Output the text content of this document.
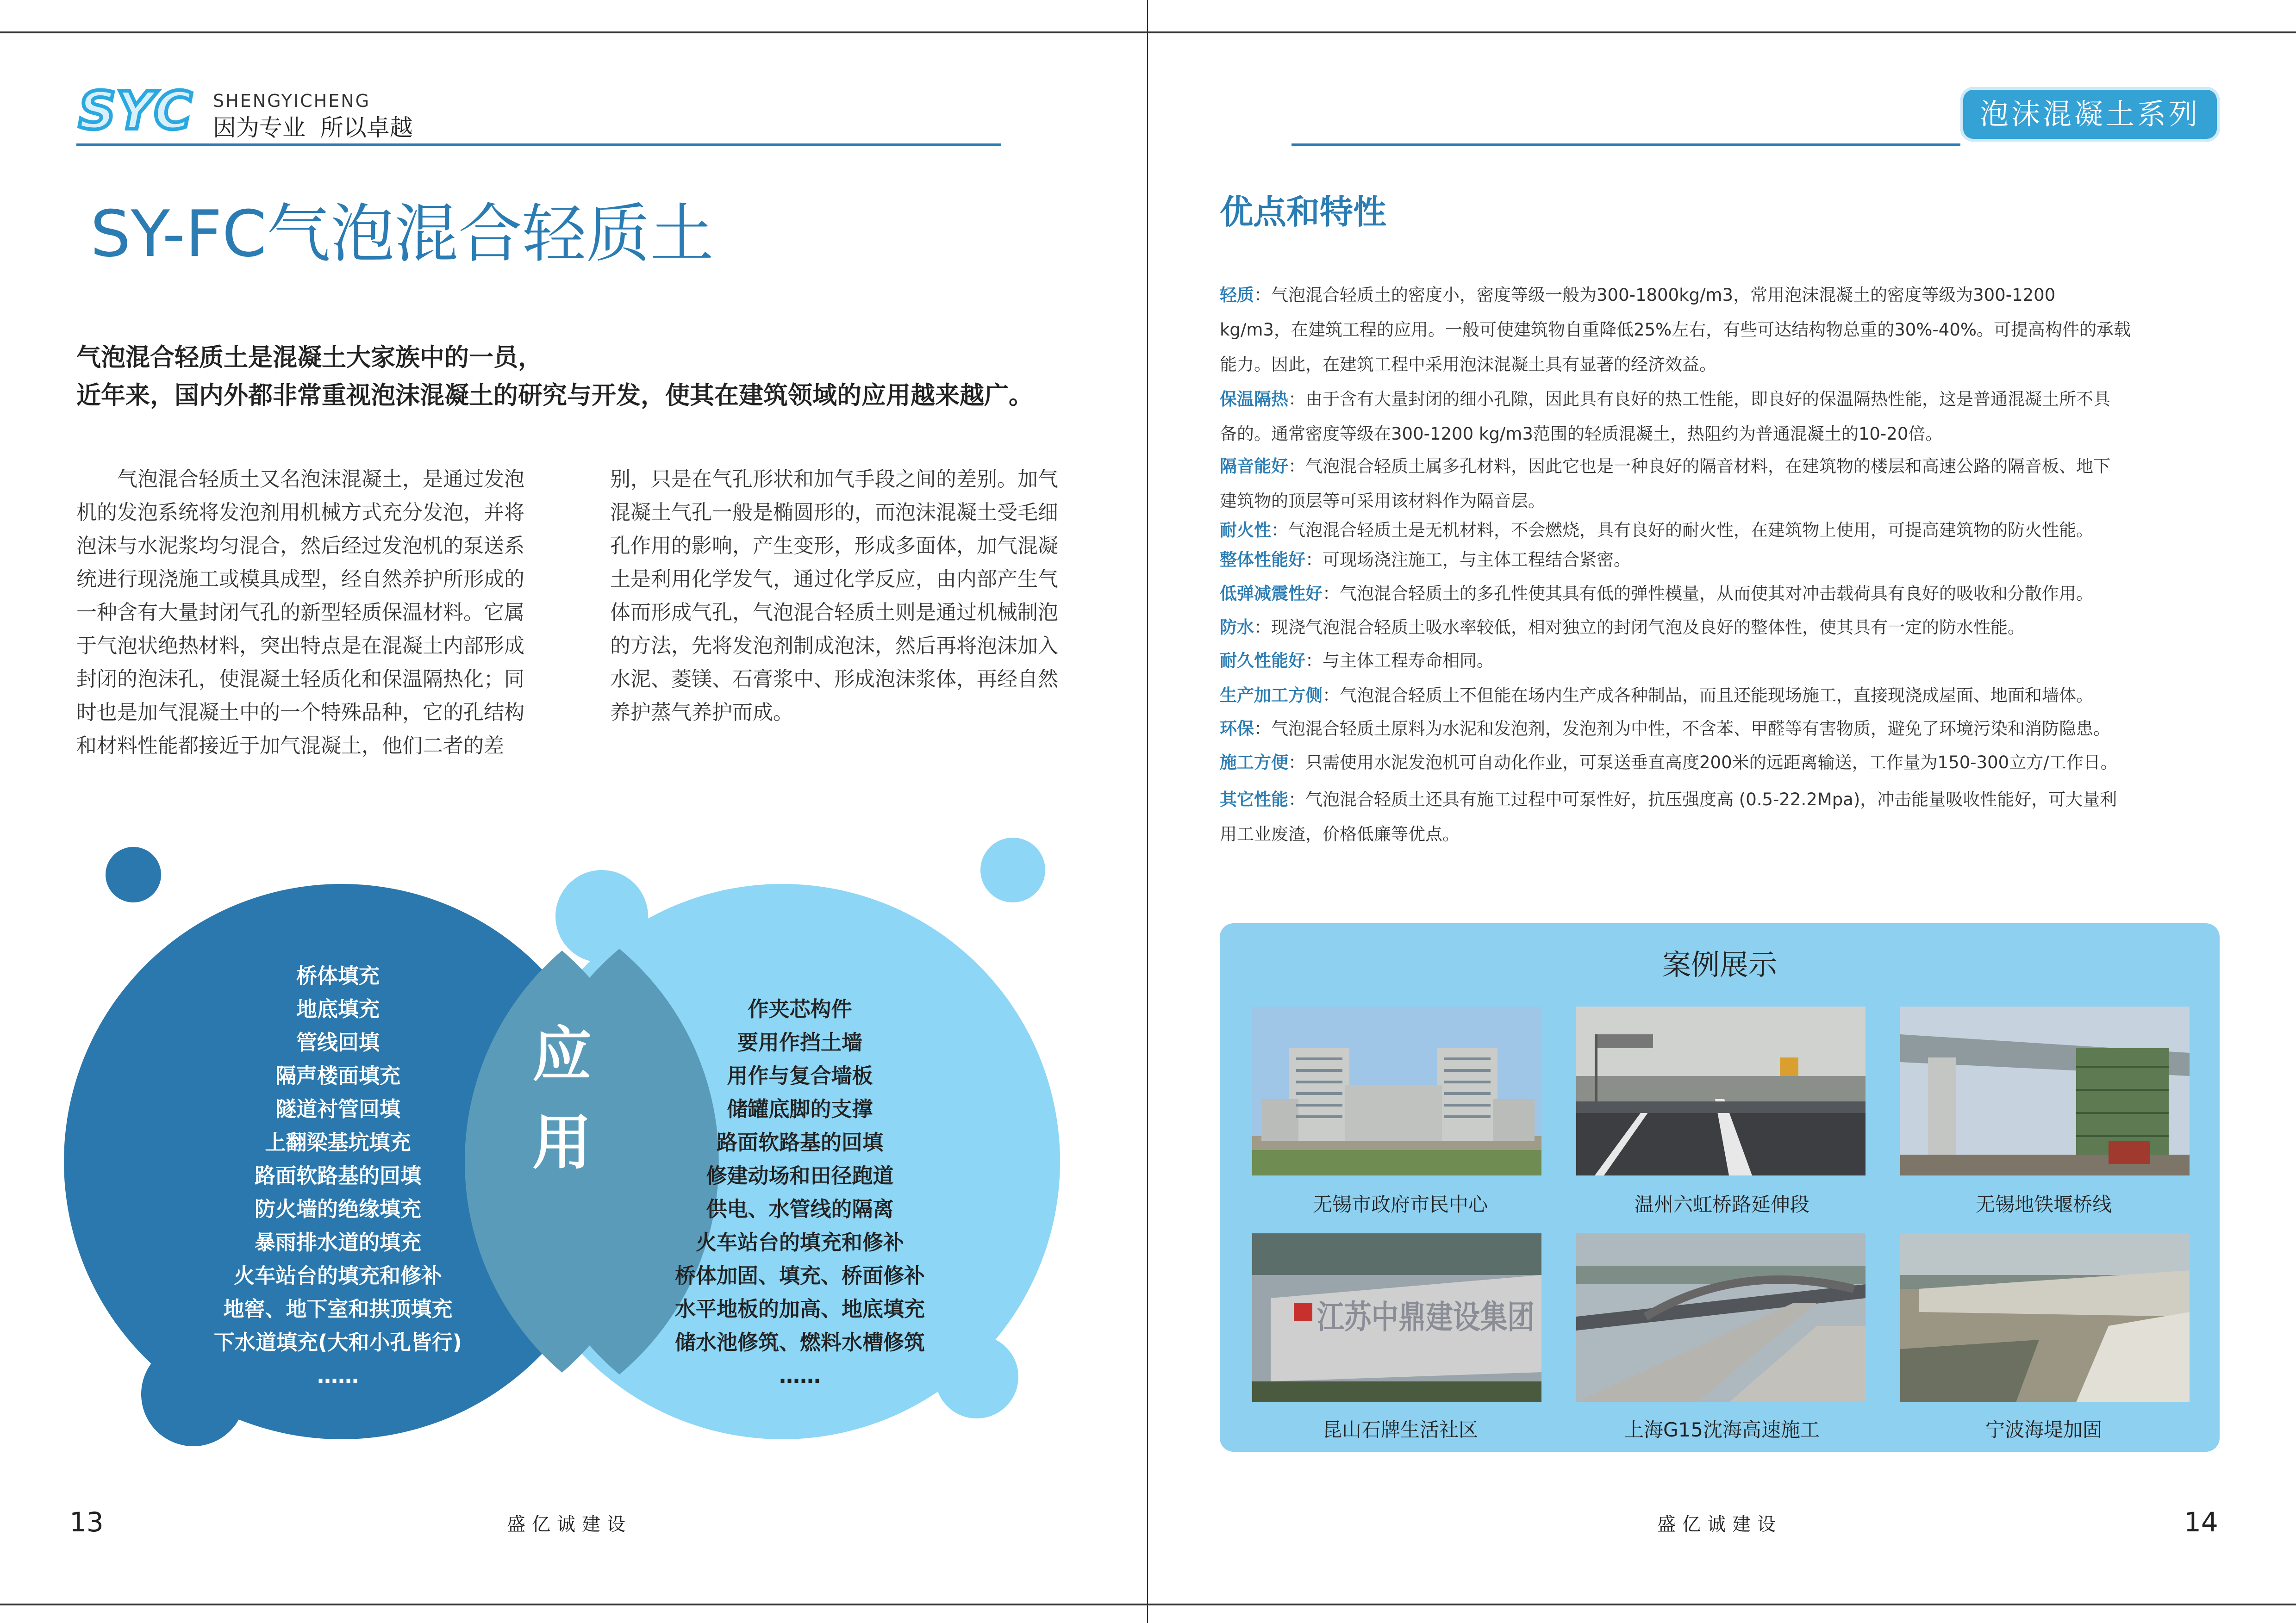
S Y C SHENGYICHENG
因为专业  所以卓越
SY-FC气泡混合轻质土
气泡混合轻质土是混凝土大家族中的一员，
近年来，国内外都非常重视泡沫混凝土的研究与开发，使其在建筑领域的应用越来越广。

　　气泡混合轻质土又名泡沫混凝土，是通过发泡

机的发泡系统将发泡剂用机械方式充分发泡，并将

泡沫与水泥浆均匀混合，然后经过发泡机的泵送系

统进行现浇施工或模具成型，经自然养护所形成的

一种含有大量封闭气孔的新型轻质保温材料。它属

于气泡状绝热材料，突出特点是在混凝土内部形成

封闭的泡沫孔，使混凝土轻质化和保温隔热化；同

时也是加气混凝土中的一个特殊品种，它的孔结构

和材料性能都接近于加气混凝土，他们二者的差

别，只是在气孔形状和加气手段之间的差别。加气

混凝土气孔一般是椭圆形的，而泡沫混凝土受毛细

孔作用的影响，产生变形，形成多面体，加气混凝

土是利用化学发气，通过化学反应，由内部产生气

体而形成气孔，气泡混合轻质土则是通过机械制泡

的方法，先将发泡剂制成泡沫，然后再将泡沫加入

水泥、菱镁、石膏浆中、形成泡沫浆体，再经自然

养护蒸气养护而成。

应
用
桥体填充
地底填充
管线回填
隔声楼面填充
隧道衬管回填
上翻梁基坑填充
路面软路基的回填
防火墙的绝缘填充
暴雨排水道的填充
火车站台的填充和修补
地窖、地下室和拱顶填充
下水道填充(大和小孔皆行)
……
作夹芯构件
要用作挡土墙
用作与复合墙板
储罐底脚的支撑
路面软路基的回填
修建动场和田径跑道
供电、水管线的隔离
火车站台的填充和修补
桥体加固、填充、桥面修补
水平地板的加高、地底填充
储水池修筑、燃料水槽修筑
……
13	盛亿诚建设
泡沫混凝土系列
优点和特性
轻质：气泡混合轻质土的密度小，密度等级一般为300-1800kg/m3，常用泡沫混凝土的密度等级为300-1200
kg/m3，在建筑工程的应用。一般可使建筑物自重降低25%左右，有些可达结构物总重的30%-40%。可提高构件的承载
能力。因此，在建筑工程中采用泡沫混凝土具有显著的经济效益。
保温隔热：由于含有大量封闭的细小孔隙，因此具有良好的热工性能，即良好的保温隔热性能，这是普通混凝土所不具
备的。通常密度等级在300-1200 kg/m3范围的轻质混凝土，热阻约为普通混凝土的10-20倍。
隔音能好：气泡混合轻质土属多孔材料，因此它也是一种良好的隔音材料，在建筑物的楼层和高速公路的隔音板、地下
建筑物的顶层等可采用该材料作为隔音层。
耐火性：气泡混合轻质土是无机材料，不会燃烧，具有良好的耐火性，在建筑物上使用，可提高建筑物的防火性能。
整体性能好：可现场浇注施工，与主体工程结合紧密。
低弹减震性好：气泡混合轻质土的多孔性使其具有低的弹性模量，从而使其对冲击载荷具有良好的吸收和分散作用。
防水：现浇气泡混合轻质土吸水率较低，相对独立的封闭气泡及良好的整体性，使其具有一定的防水性能。
耐久性能好：与主体工程寿命相同。
生产加工方侧：气泡混合轻质土不但能在场内生产成各种制品，而且还能现场施工，直接现浇成屋面、地面和墙体。
环保：气泡混合轻质土原料为水泥和发泡剂，发泡剂为中性，不含苯、甲醛等有害物质，避免了环境污染和消防隐患。
施工方便：只需使用水泥发泡机可自动化作业，可泵送垂直高度200米的远距离输送，工作量为150-300立方/工作日。
其它性能：气泡混合轻质土还具有施工过程中可泵性好，抗压强度高 (0.5-22.2Mpa)，冲击能量吸收性能好，可大量利
用工业废渣，价格低廉等优点。
案例展示
无锡市政府市民中心	温州六虹桥路延伸段	无锡地铁堰桥线
江苏中鼎建设集团
昆山石牌生活社区	上海G15沈海高速施工	宁波海堤加固
盛亿诚建设	14
